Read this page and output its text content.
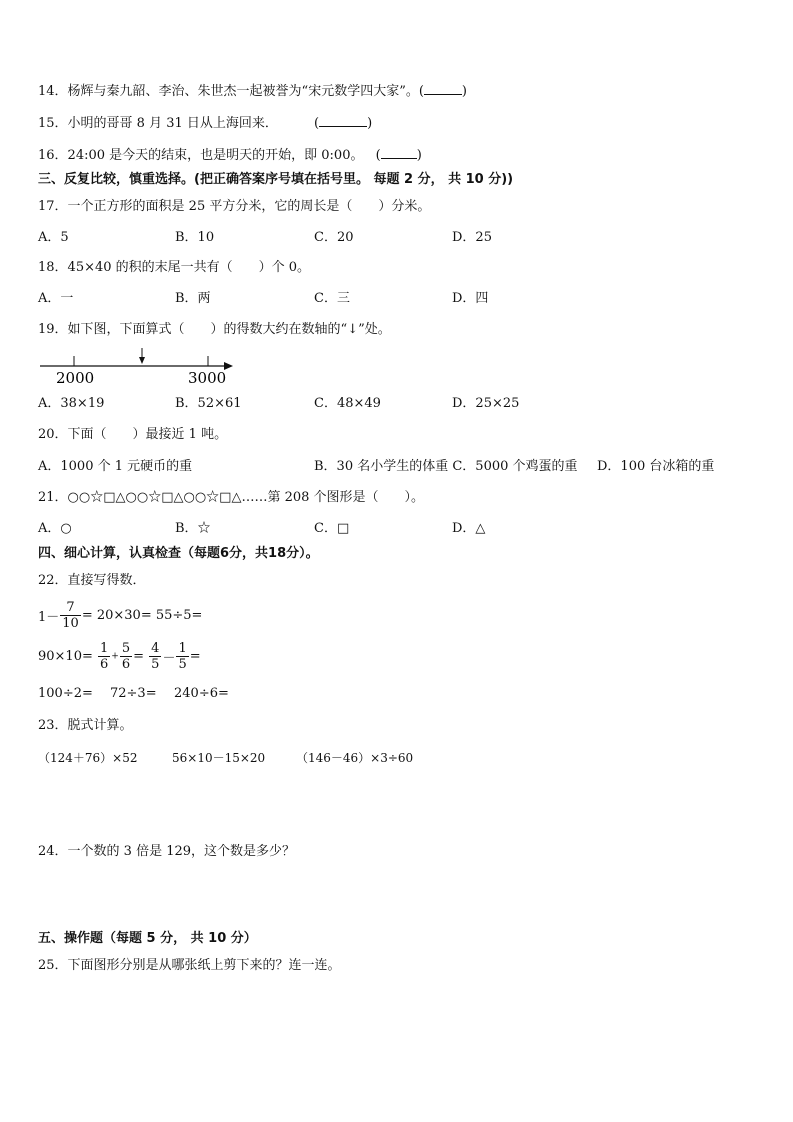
14．杨辉与秦九韶、李治、朱世杰一起被誉为“宋元数学四大家”。(	)
15．小明的哥哥 8 月 31 日从上海回来．	(	)
16．24:00 是今天的结束，也是明天的开始，即 0:00。 (	)
三、反复比较，慎重选择。(把正确答案序号填在括号里。 每题 2 分， 共 10 分))
17．一个正方形的面积是 25 平方分米，它的周长是（　　）分米。
A．5	B．10	C．20	D．25
18．45×40 的积的末尾一共有（　　）个 0。
A．一	B．两	C．三	D．四
19．如下图，下面算式（　　）的得数大约在数轴的“↓”处。
2000	3000
A．38×19	B．52×61	C．48×49	D．25×25
20．下面（　　）最接近 1 吨。
A．1000 个 1 元硬币的重	B．30 名小学生的体重 C．5000 个鸡蛋的重 D．100 台冰箱的重
21．○○☆□△○○☆□△○○☆□△……第 208 个图形是（　　）。
A．○	B．☆	C．□	D．△
四、细心计算，认真检查（每题6分，共18分）。
22．直接写得数．
$1- \frac{7}{10} = 20\times 30= 55\div 5=$
$90\times 10= \frac{1}{6} + \frac{5}{6} = \frac{4}{5} - \frac{1}{5}$ =
100÷2= 72÷3= 240÷6=
23．脱式计算。
（124＋76）×52	56×10－15×20	（146－46）×3÷60
24．一个数的 3 倍是 129，这个数是多少？
五、操作题（每题 5 分， 共 10 分）
25．下面图形分别是从哪张纸上剪下来的？连一连。
